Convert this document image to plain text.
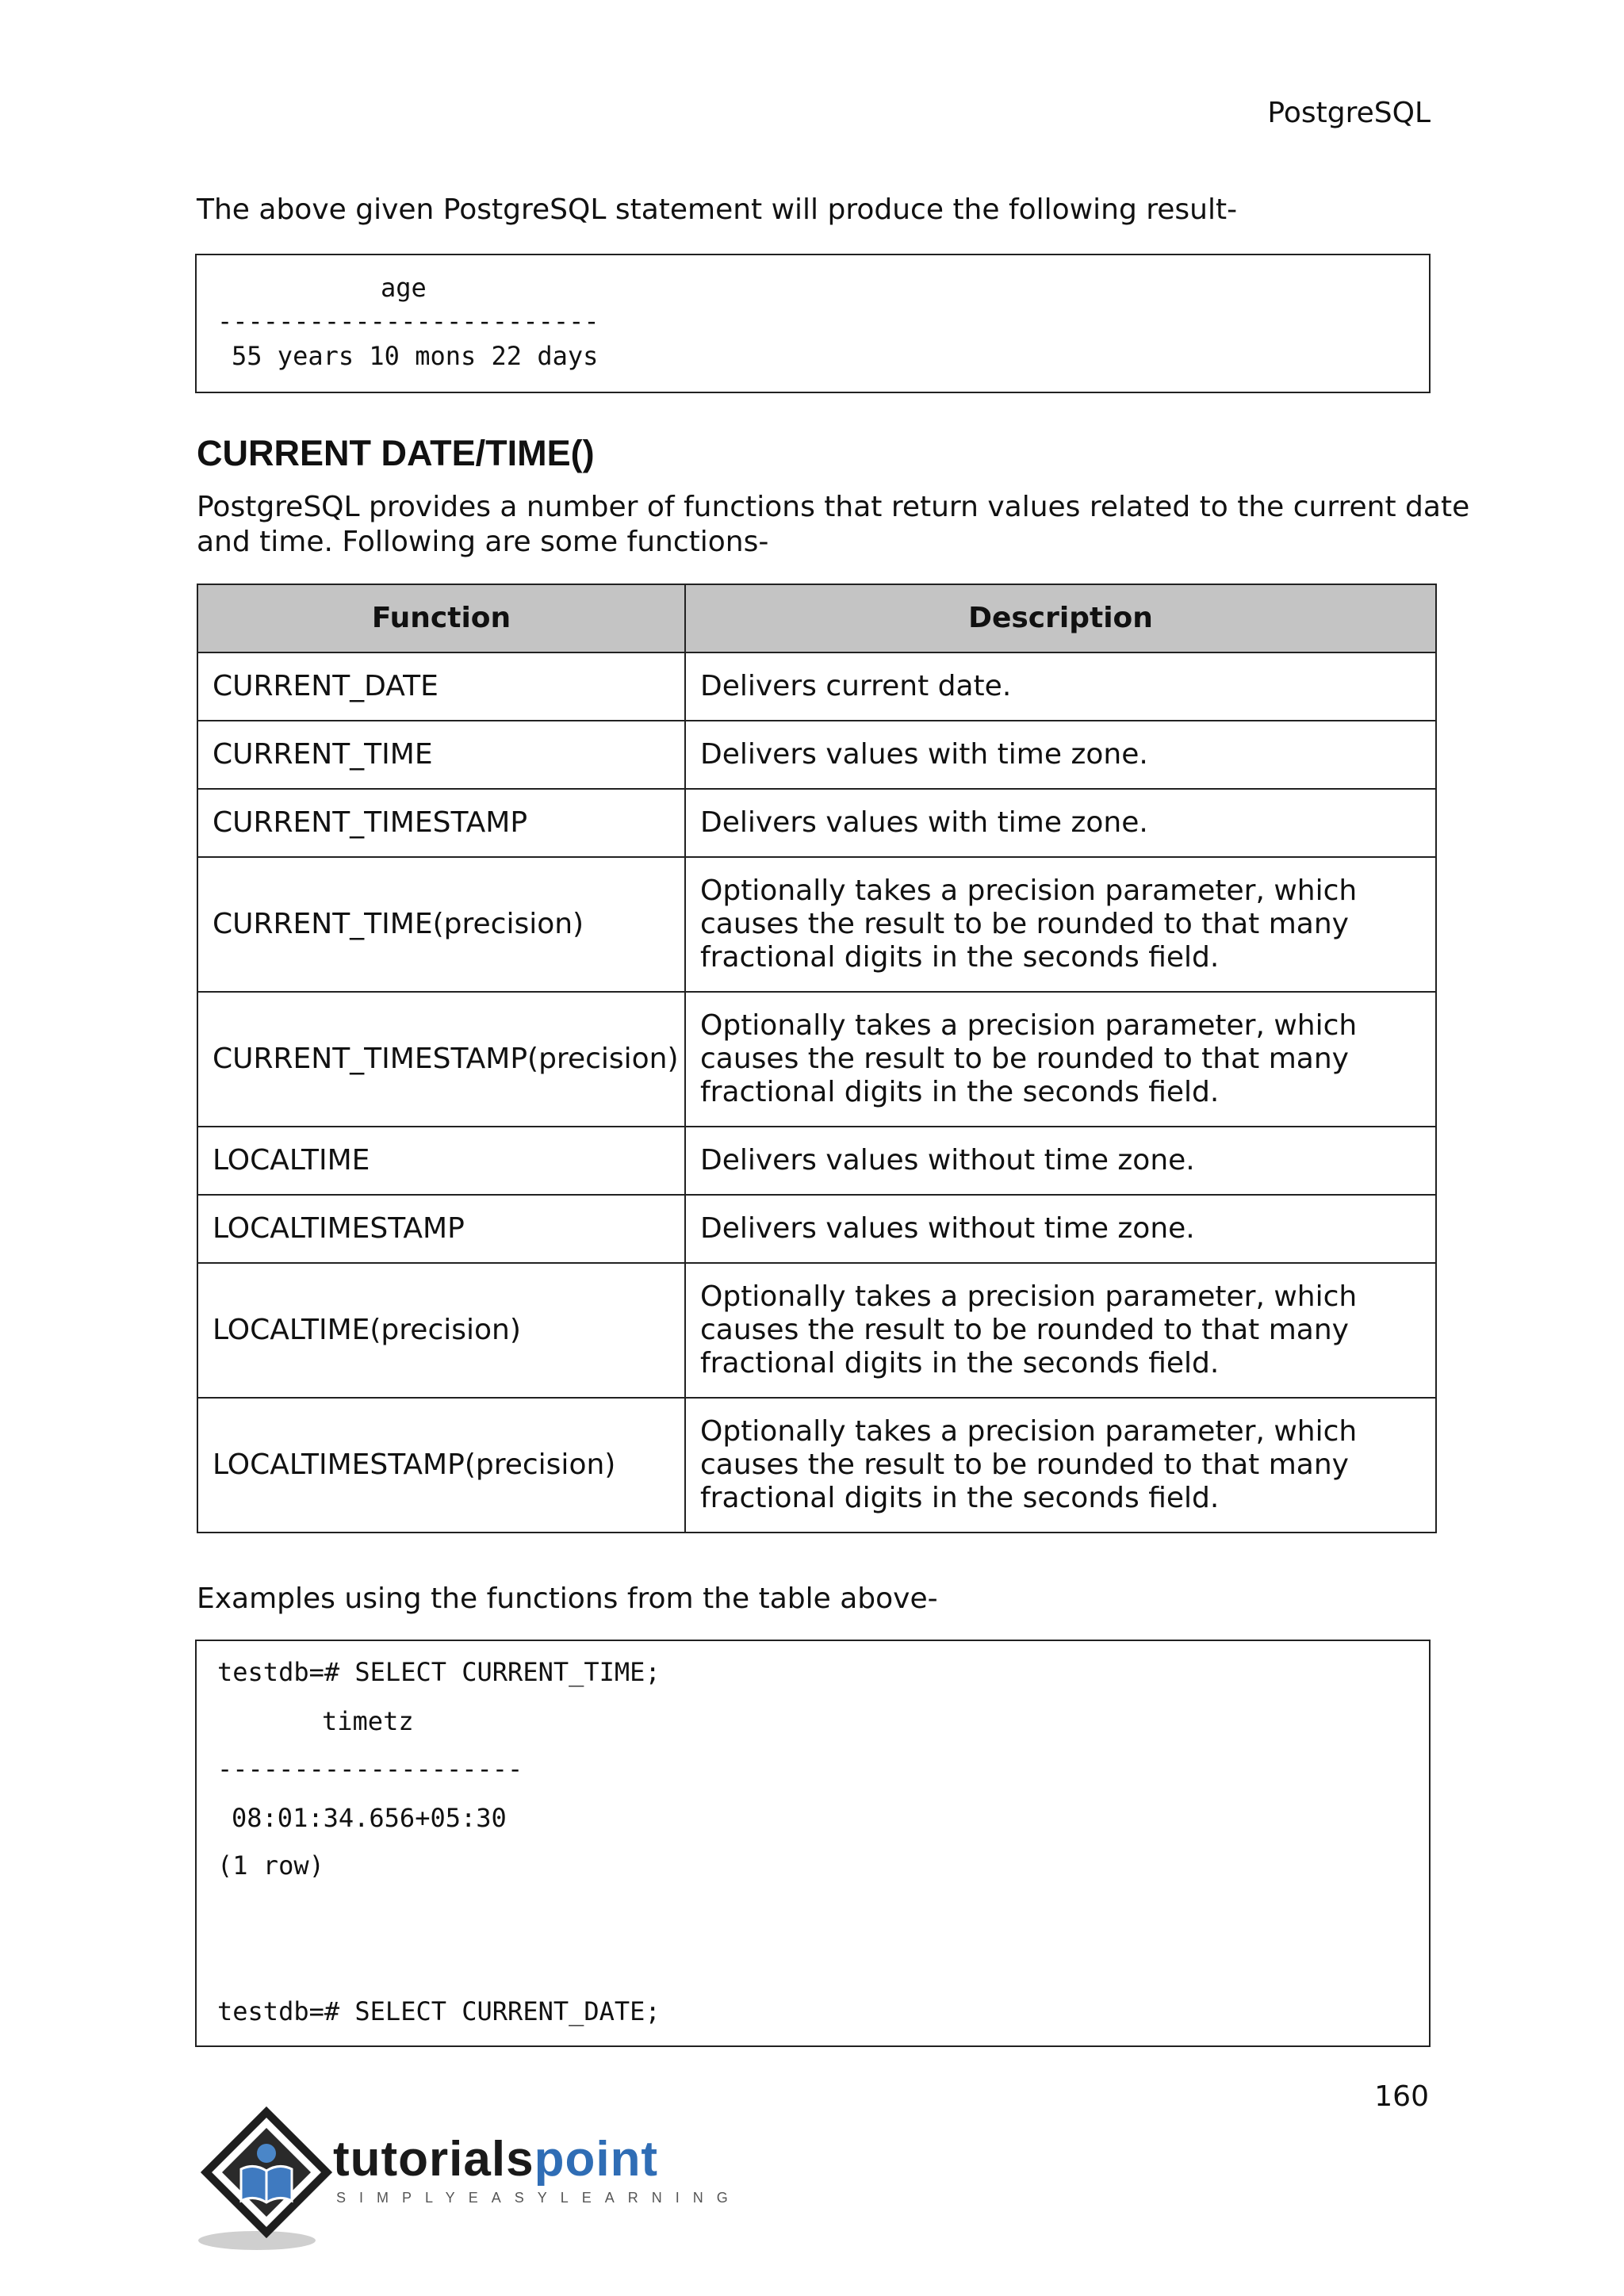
PostgreSQL
The above given PostgreSQL statement will produce the following result-
age
-------------------------
55 years 10 mons 22 days
CURRENT DATE/TIME()
PostgreSQL provides a number of functions that return values related to the current date
and time. Following are some functions-
Function	Description
CURRENT_DATE	Delivers current date.

CURRENT_TIME	Delivers values with time zone.

CURRENT_TIMESTAMP	Delivers values with time zone.

CURRENT_TIME(precision)	Optionally takes a precision parameter, which
causes the result to be rounded to that many
fractional digits in the seconds field.

CURRENT_TIMESTAMP(precision)	Optionally takes a precision parameter, which
causes the result to be rounded to that many
fractional digits in the seconds field.

LOCALTIME	Delivers values without time zone.

LOCALTIMESTAMP	Delivers values without time zone.

LOCALTIME(precision)	Optionally takes a precision parameter, which
causes the result to be rounded to that many
fractional digits in the seconds field.

LOCALTIMESTAMP(precision)	Optionally takes a precision parameter, which
causes the result to be rounded to that many
fractional digits in the seconds field.
Examples using the functions from the table above-
testdb=# SELECT CURRENT_TIME;
timetz
--------------------
08:01:34.656+05:30
(1 row)
testdb=# SELECT CURRENT_DATE;
160
tutorialspoint
SIMPLYEASYLEARNING
